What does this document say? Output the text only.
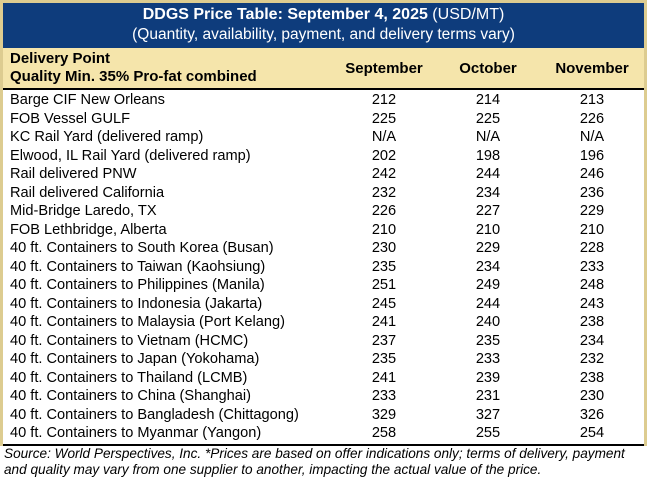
DDGS Price Table: September 4, 2025 (USD/MT)
(Quantity, availability, payment, and delivery terms vary)
Delivery Point
Quality Min. 35% Pro-fat combined	September	October	November
Barge CIF New Orleans	212	214	213
FOB Vessel GULF	225	225	226
KC Rail Yard (delivered ramp)	N/A	N/A	N/A
Elwood, IL Rail Yard (delivered ramp)	202	198	196
Rail delivered PNW	242	244	246
Rail delivered California	232	234	236
Mid-Bridge Laredo, TX	226	227	229
FOB Lethbridge, Alberta	210	210	210
40 ft. Containers to South Korea (Busan)	230	229	228
40 ft. Containers to Taiwan (Kaohsiung)	235	234	233
40 ft. Containers to Philippines (Manila)	251	249	248
40 ft. Containers to Indonesia (Jakarta)	245	244	243
40 ft. Containers to Malaysia (Port Kelang)	241	240	238
40 ft. Containers to Vietnam (HCMC)	237	235	234
40 ft. Containers to Japan (Yokohama)	235	233	232
40 ft. Containers to Thailand (LCMB)	241	239	238
40 ft. Containers to China (Shanghai)	233	231	230
40 ft. Containers to Bangladesh (Chittagong)	329	327	326
40 ft. Containers to Myanmar (Yangon)	258	255	254
Source: World Perspectives, Inc. *Prices are based on offer indications only; terms of delivery, payment and quality may vary from one supplier to another, impacting the actual value of the price.
